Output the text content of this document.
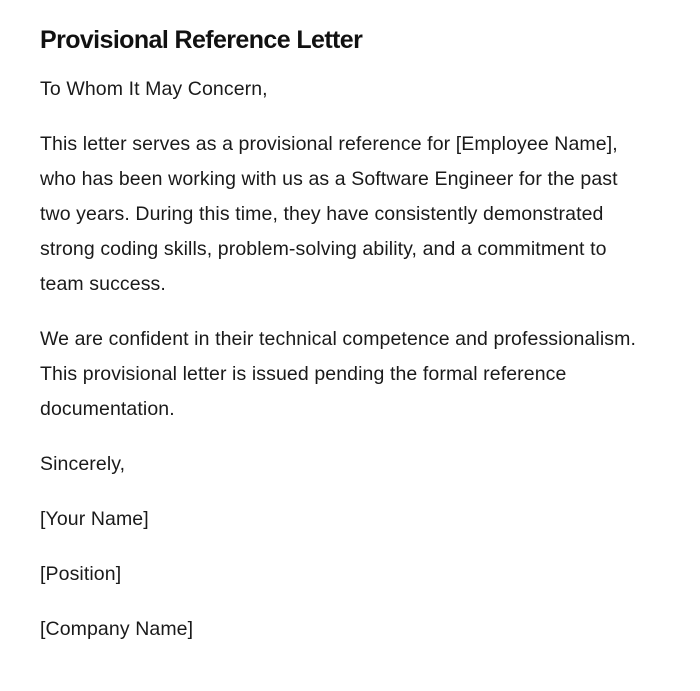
Provisional Reference Letter

To Whom It May Concern,

This letter serves as a provisional reference for [Employee Name], who has been working with us as a Software Engineer for the past two years. During this time, they have consistently demonstrated strong coding skills, problem-solving ability, and a commitment to team success.

We are confident in their technical competence and professionalism. This provisional letter is issued pending the formal reference documentation.

Sincerely,

[Your Name]

[Position]

[Company Name]
